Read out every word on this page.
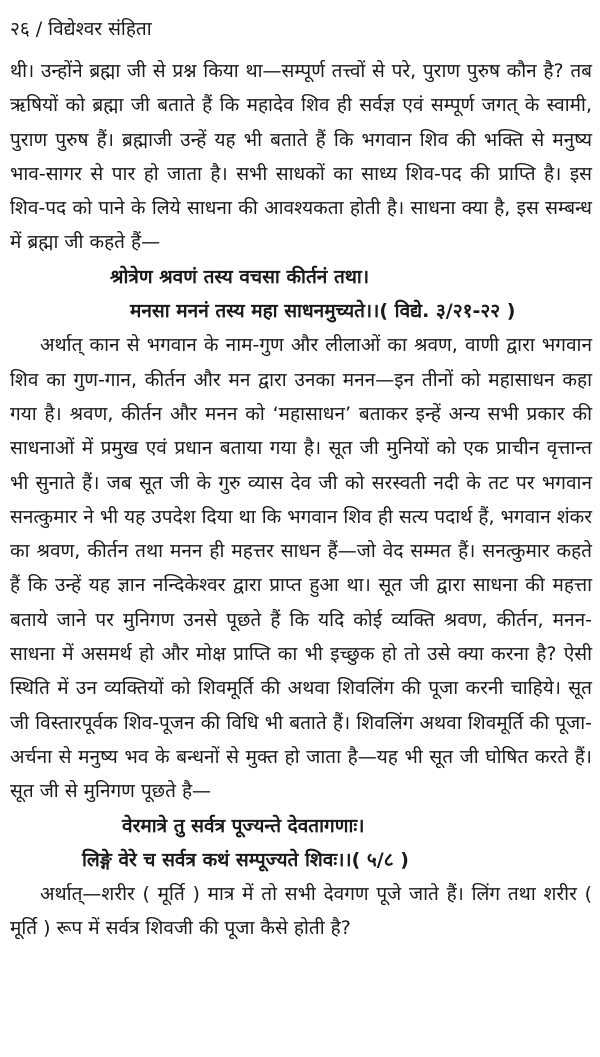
२६ / विद्येश्वर संहिता

थी। उन्होंने ब्रह्मा जी से प्रश्न किया था—सम्पूर्ण तत्त्वों से परे, पुराण पुरुष कौन है? तब ऋषियों को ब्रह्मा जी बताते हैं कि महादेव शिव ही सर्वज्ञ एवं सम्पूर्ण जगत् के स्वामी, पुराण पुरुष हैं। ब्रह्माजी उन्हें यह भी बताते हैं कि भगवान शिव की भक्ति से मनुष्य भाव-सागर से पार हो जाता है। सभी साधकों का साध्य शिव-पद की प्राप्ति है। इस शिव-पद को पाने के लिये साधना की आवश्यकता होती है। साधना क्या है, इस सम्बन्ध में ब्रह्मा जी कहते हैं—

श्रोत्रेण श्रवणं तस्य वचसा कीर्तनं तथा।
मनसा मननं तस्य महा साधनमुच्यते।।( विद्ये. ३/२१-२२ )

अर्थात् कान से भगवान के नाम-गुण और लीलाओं का श्रवण, वाणी द्वारा भगवान शिव का गुण-गान, कीर्तन और मन द्वारा उनका मनन—इन तीनों को महासाधन कहा गया है। श्रवण, कीर्तन और मनन को ‘महासाधन’ बताकर इन्हें अन्य सभी प्रकार की साधनाओं में प्रमुख एवं प्रधान बताया गया है। सूत जी मुनियों को एक प्राचीन वृत्तान्त भी सुनाते हैं। जब सूत जी के गुरु व्यास देव जी को सरस्वती नदी के तट पर भगवान सनत्कुमार ने भी यह उपदेश दिया था कि भगवान शिव ही सत्य पदार्थ हैं, भगवान शंकर का श्रवण, कीर्तन तथा मनन ही महत्तर साधन हैं—जो वेद सम्मत हैं। सनत्कुमार कहते हैं कि उन्हें यह ज्ञान नन्दिकेश्वर द्वारा प्राप्त हुआ था। सूत जी द्वारा साधना की महत्ता बताये जाने पर मुनिगण उनसे पूछते हैं कि यदि कोई व्यक्ति श्रवण, कीर्तन, मनन-साधना में असमर्थ हो और मोक्ष प्राप्ति का भी इच्छुक हो तो उसे क्या करना है? ऐसी स्थिति में उन व्यक्तियों को शिवमूर्ति की अथवा शिवलिंग की पूजा करनी चाहिये। सूत जी विस्तारपूर्वक शिव-पूजन की विधि भी बताते हैं। शिवलिंग अथवा शिवमूर्ति की पूजा-अर्चना से मनुष्य भव के बन्धनों से मुक्त हो जाता है—यह भी सूत जी घोषित करते हैं। सूत जी से मुनिगण पूछते है—

वेरमात्रे तु सर्वत्र पूज्यन्ते देवतागणाः।
लिङ्गे वेरे च सर्वत्र कथं सम्पूज्यते शिवः।।( ५/८ )

अर्थात्—शरीर ( मूर्ति ) मात्र में तो सभी देवगण पूजे जाते हैं। लिंग तथा शरीर ( मूर्ति ) रूप में सर्वत्र शिवजी की पूजा कैसे होती है?
